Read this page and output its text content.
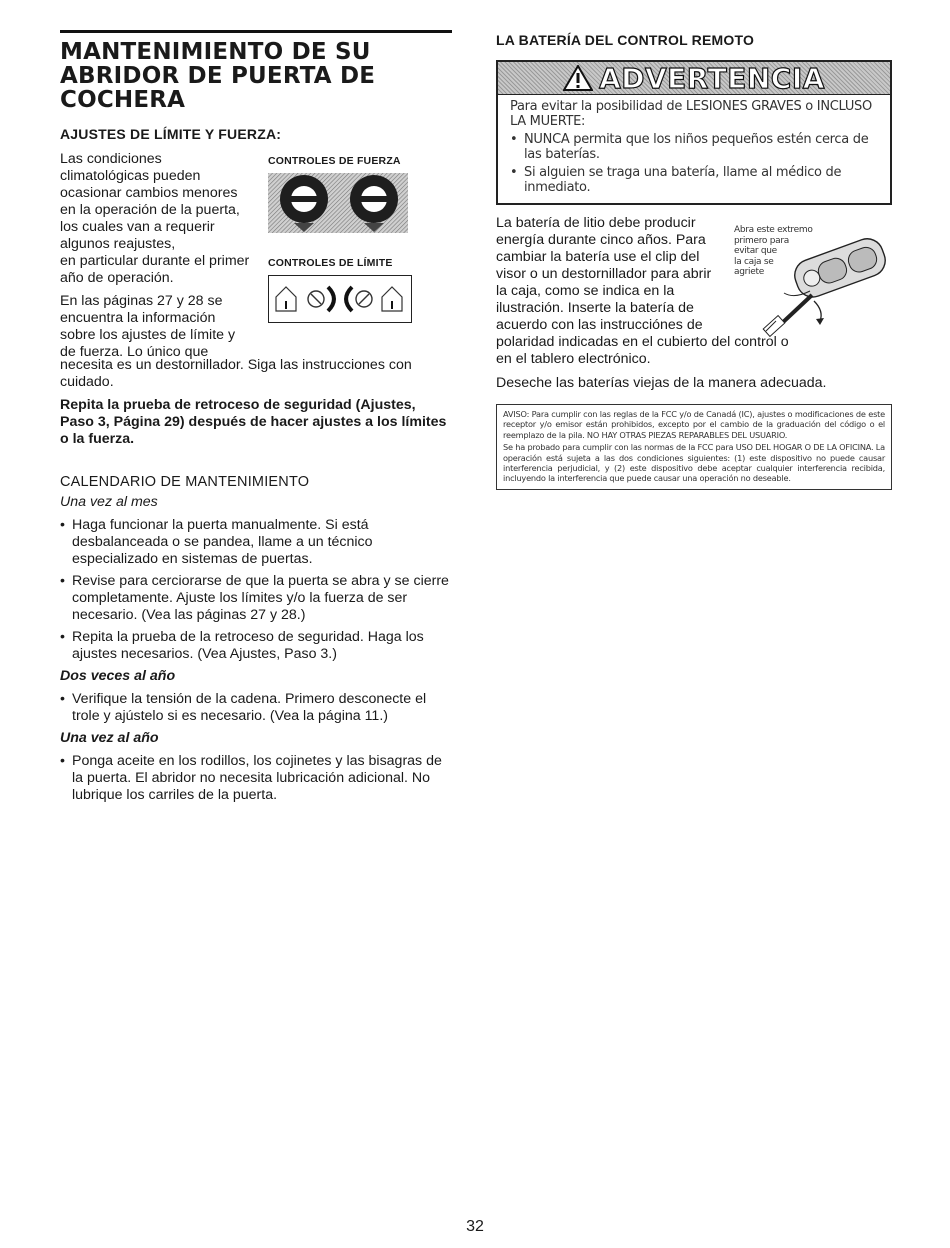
MANTENIMIENTO DE SU
ABRIDOR DE PUERTA DE
COCHERA
AJUSTES DE LÍMITE Y FUERZA:
Las condiciones
climatológicas pueden
ocasionar cambios menores
en la operación de la puerta,
los cuales van a requerir
algunos reajustes,
en particular durante el primer
año de operación.
En las páginas 27 y 28 se
encuentra la información
sobre los ajustes de límite y
de fuerza. Lo único que
CONTROLES DE FUERZA
CONTROLES DE LÍMITE

necesita es un destornillador. Siga las instrucciones con cuidado.

Repita la prueba de retroceso de seguridad (Ajustes, Paso 3, Página 29) después de hacer ajustes a los límites o la fuerza.

CALENDARIO DE MANTENIMIENTO

Una vez al mes

• Haga funcionar la puerta manualmente. Si está desbalanceada o se pandea, llame a un técnico especializado en sistemas de puertas.
• Revise para cerciorarse de que la puerta se abra y se cierre completamente. Ajuste los límites y/o la fuerza de ser necesario. (Vea las páginas 27 y 28.)
• Repita la prueba de la retroceso de seguridad. Haga los ajustes necesarios. (Vea Ajustes, Paso 3.)

Dos veces al año

• Verifique la tensión de la cadena. Primero desconecte el trole y ajústelo si es necesario. (Vea la página 11.)

Una vez al año

• Ponga aceite en los rodillos, los cojinetes y las bisagras de la puerta. El abridor no necesita lubricación adicional. No lubrique los carriles de la puerta.
LA BATERÍA DEL CONTROL REMOTO
ADVERTENCIA

Para evitar la posibilidad de LESIONES GRAVES o INCLUSO LA MUERTE:

• NUNCA permita que los niños pequeños estén cerca de las baterías.
• Si alguien se traga una batería, llame al médico de inmediato.
La batería de litio debe producir
energía durante cinco años. Para
cambiar la batería use el clip del
visor o un destornillador para abrir
la caja, como se indica en la
ilustración. Inserte la batería de
acuerdo con las instrucciónes de
Abra este extremo
primero para
evitar que
la caja se
agriete

polaridad indicadas en el cubierto del control o en el tablero electrónico.

Deseche las baterías viejas de la manera adecuada.

AVISO: Para cumplir con las reglas de la FCC y/o de Canadá (IC), ajustes o modificaciones de este receptor y/o emisor están prohibidos, excepto por el cambio de la graduación del código o el reemplazo de la pila. NO HAY OTRAS PIEZAS REPARABLES DEL USUARIO.

Se ha probado para cumplir con las normas de la FCC para USO DEL HOGAR O DE LA OFICINA. La operación está sujeta a las dos condiciones siguientes: (1) este dispositivo no puede causar interferencia perjudicial, y (2) este dispositivo debe aceptar cualquier interferencia recibida, incluyendo la interferencia que puede causar una operación no deseable.

32
